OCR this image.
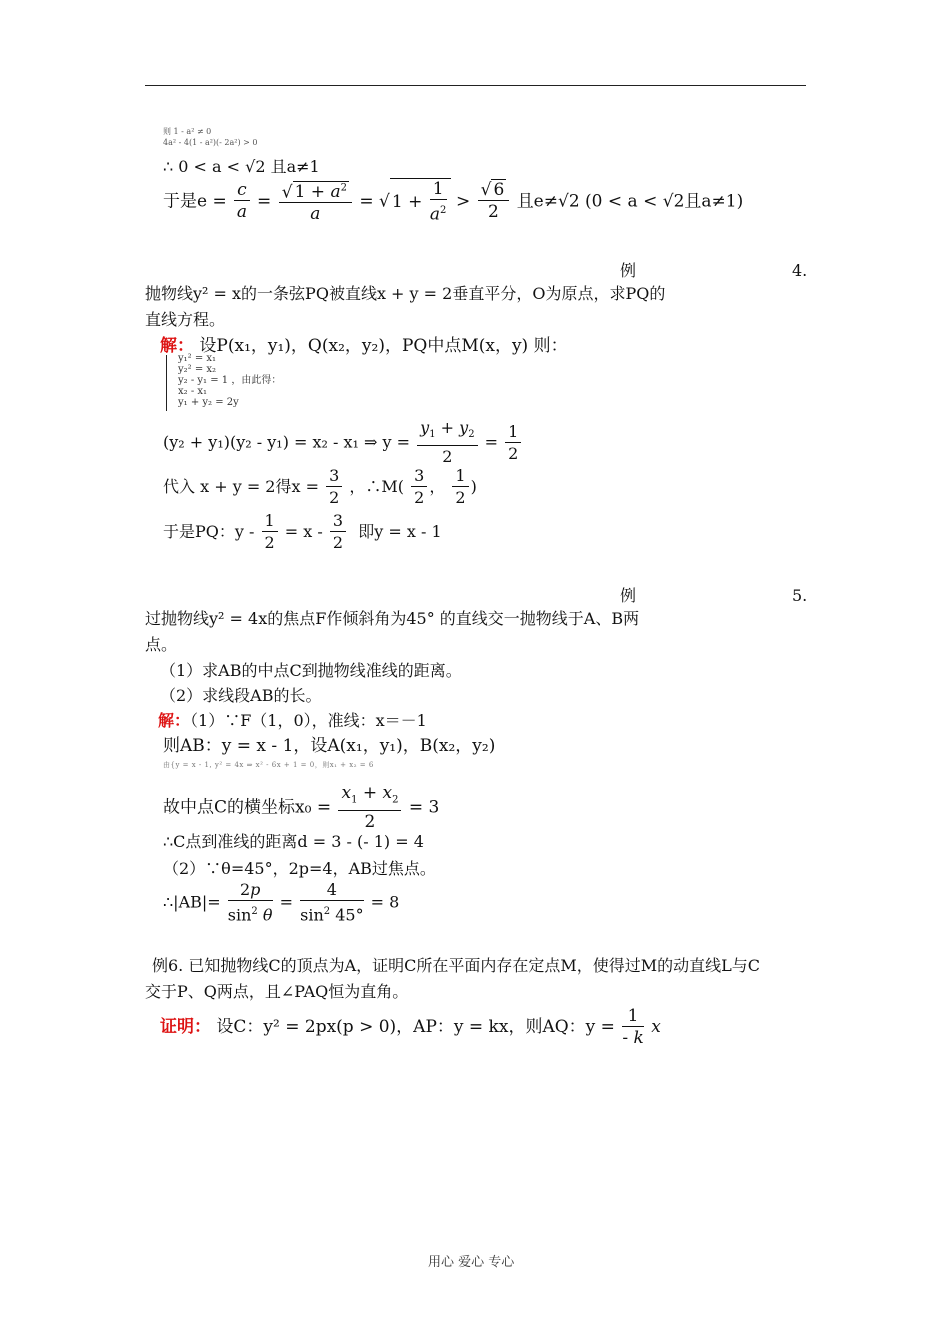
则 1 - a² ≠ 0
4a² - 4(1 - a²)(- 2a²) > 0
∴ 0 < a < √2 且a≠1
于是$e = \frac{c}{a} = \frac{√ 1 + a^2}{a}$ = √ $1 + \frac{1}{a^2} > \frac{√ 6}{2}$ 且e≠√2 (0 < a < √2且a≠1)
例	4.
抛物线y² = x的一条弦PQ被直线x + y = 2垂直平分，O为原点，求PQ的
直线方程。
解： 设P(x₁，y₁)，Q(x₂，y₂)，PQ中点M(x，y) 则：
y₁² = x₁
y₂² = x₂
y₂ - y₁ = 1 ，由此得：
x₂ - x₁
y₁ + y₂ = 2y
(y₂ + y₁)(y₂ - y₁) = x₂ - x₁ ⇒ $y = \frac{y_1 + y_2}{2} = \frac{1}{2}$
代入 x + y = 2得$x = \frac{3}{2}$ ，∴M( $\frac{3}{2}$ ， $\frac{1}{2}$ )
于是PQ：$y - \frac{1}{2} = x - \frac{3}{2}$ 即y = x - 1
例	5.
过抛物线y² = 4x的焦点F作倾斜角为45° 的直线交一抛物线于A、B两
点。
（1）求AB的中点C到抛物线准线的距离。
（2）求线段AB的长。
解：（1）∵F（1，0），准线：x＝－1
则AB：y = x - 1，设A(x₁，y₁)，B(x₂，y₂)
由{y = x - 1, y² = 4x ⇒ x² - 6x + 1 = 0，则x₁ + x₂ = 6
故中点C的横坐标$x_0 = \frac{x_1 + x_2}{2} = 3$
∴C点到准线的距离d = 3 - (- 1) = 4
（2）∵θ=45°，2p=4，AB过焦点。
∴|AB|= $\frac{2p}{\sin^2 \theta} = \frac{4}{\sin^2 45^\circ} = 8$
例6. 已知抛物线C的顶点为A，证明C所在平面内存在定点M，使得过M的动直线L与C
交于P、Q两点，且∠PAQ恒为直角。
证明： 设C：y² = 2px(p > 0)，AP：y = kx，则AQ：$y = \frac{1}{- k}$ x
用心 爱心 专心
